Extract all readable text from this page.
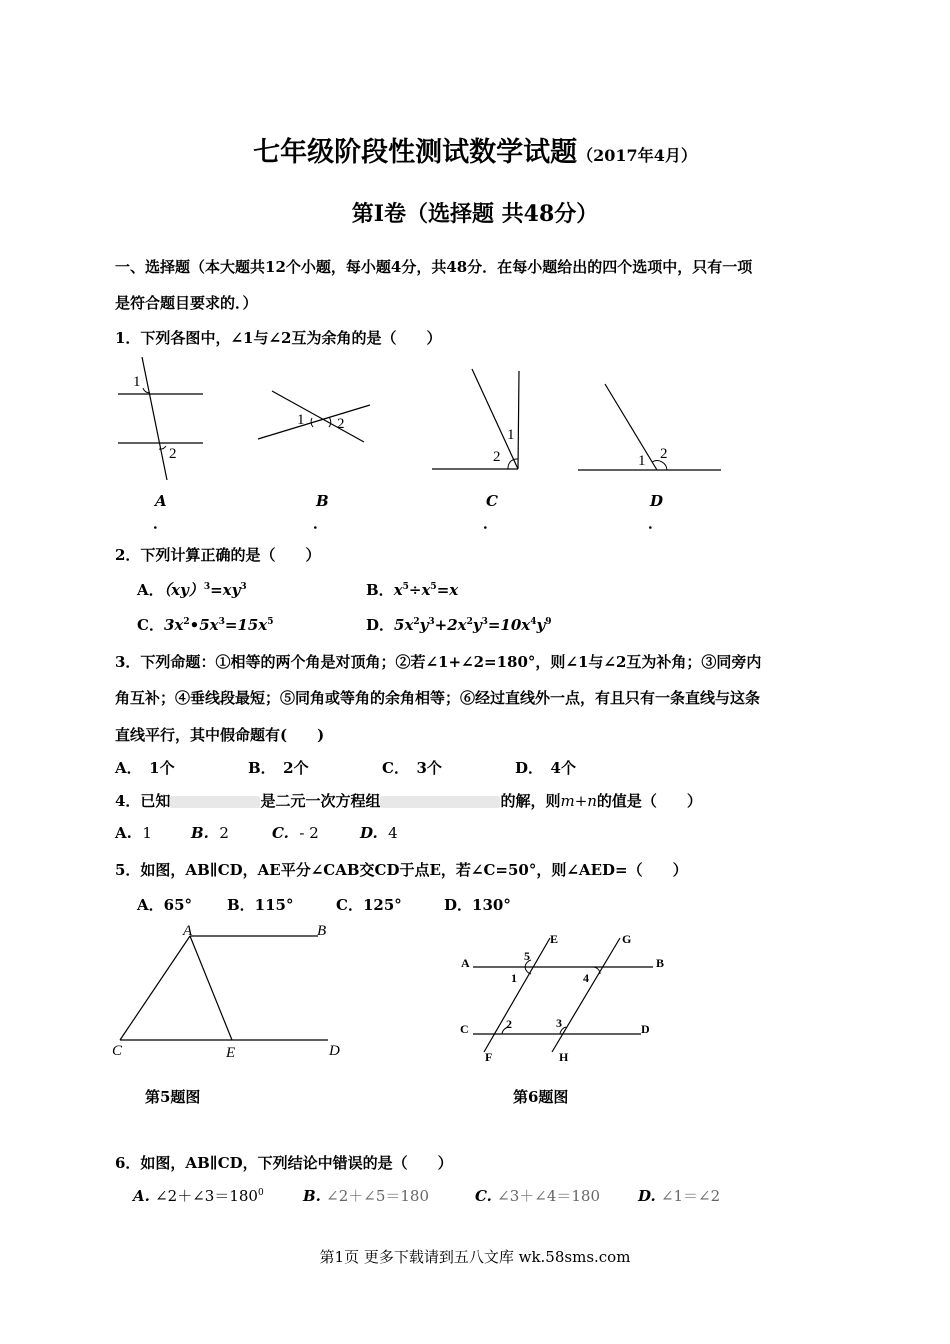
七年级阶段性测试数学试题（2017年4月）
第Ⅰ卷（选择题 共48分）
一、选择题（本大题共12个小题，每小题4分，共48分．在每小题给出的四个选项中，只有一项
是符合题目要求的．）
1．下列各图中，∠1与∠2互为余角的是（　　）
1
2
1 2
1
2	1 2
A	B	C	D
．	．	．	．
2．下列计算正确的是（　　）
A．$(xy)^3=xy^3$	B．$x^5\div x^5=x$
C．$3x^2•5x^3=15x^5$	D．$5x^2y^3+2x^2y^3=10x^4y^9$
3．下列命题：①相等的两个角是对顶角；②若∠1+∠2=180°，则∠1与∠2互为补角；③同旁内
角互补；④垂线段最短；⑤同角或等角的余角相等；⑥经过直线外一点，有且只有一条直线与这条
直线平行，其中假命题有(　　)
A．　1个	B．　2个	C．　3个	D．　4个
4．已知	是二元一次方程组	的解，则m+n的值是（　　）
A. 1	B. 2	C. - 2	D. 4
5．如图，AB∥CD，AE平分∠CAB交CD于点E，若∠C=50°，则∠AED=（　　）
A．65° B．115°	C．125°	D．130°
A	B
C	E	D
E	G
A	B
C	D
F	H
1
2	3
4
5
第5题图	第6题图
6．如图，AB∥CD，下列结论中错误的是（　　）
A. $\angle 2+\angle 3=180^0$	B. ∠2＋∠5＝180	C. ∠3＋∠4＝180	D. ∠1＝∠2
第1页 更多下载请到五八文库 wk.58sms.com
